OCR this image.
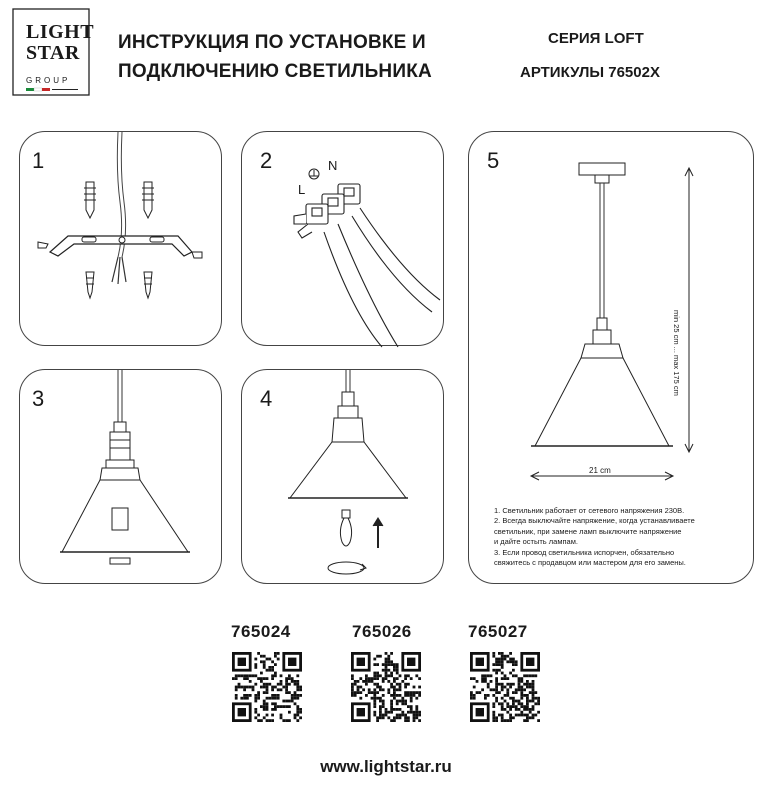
LIGHT
STAR
GROUP
ИНСТРУКЦИЯ ПО УСТАНОВКЕ И
ПОДКЛЮЧЕНИЮ СВЕТИЛЬНИКА
СЕРИЯ LOFT
АРТИКУЛЫ 76502X
1	2	N
L
5
min 25 cm ... max 175 cm
21 cm
3	4
1. Светильник работает от сетевого напряжения 230В.
2. Всегда выключайте напряжение, когда устанавливаете
светильник, при замене ламп выключите напряжение
и дайте остыть лампам.
3. Если провод светильника испорчен, обязательно
свяжитесь с продавцом или мастером для его замены.
765024	765026	765027
www.lightstar.ru
